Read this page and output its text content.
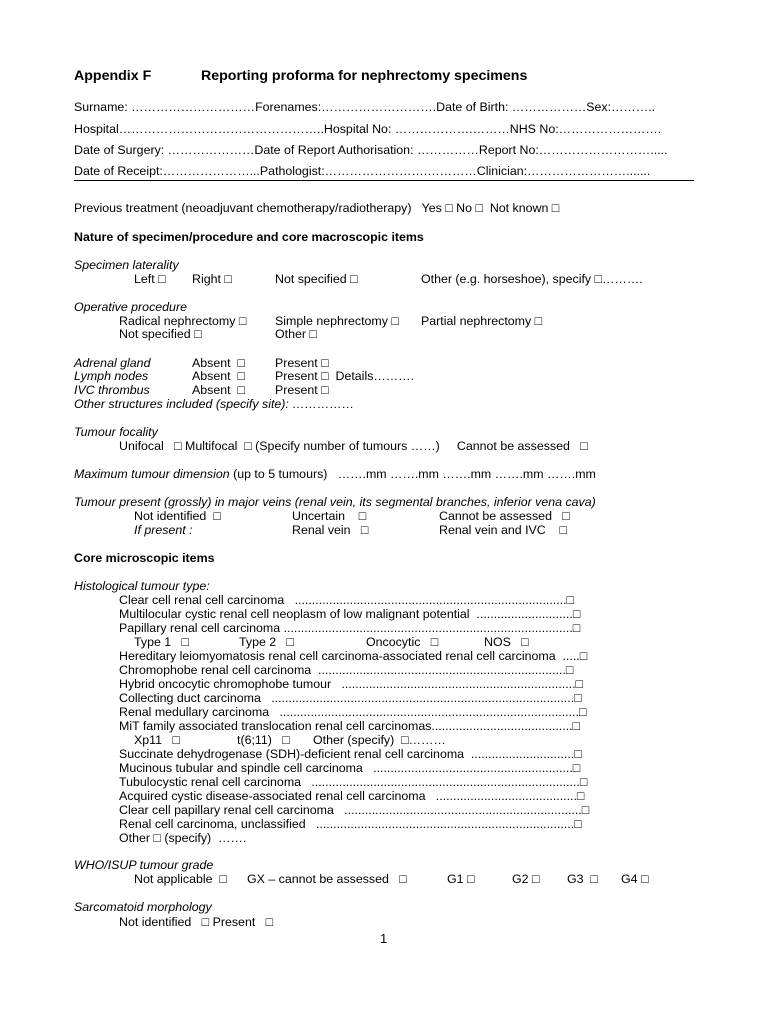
Appendix F	Reporting proforma for nephrectomy specimens
Surname: …………………………Forenames:……………………….Date of Birth: ………………Sex:………..
Hospital…………………………………………..Hospital No: ……………….………NHS No:…………………….
Date of Surgery: …………………Date of Report Authorisation: ……………Report No:……………………….....
Date of Receipt:…………………...Pathologist:…………………….…………Clinician:…………………….......
Previous treatment (neoadjuvant chemotherapy/radiotherapy)   Yes □ No □  Not known □
Nature of specimen/procedure and core macroscopic items
Specimen laterality
Left □ Right □	Not specified □	Other (e.g. horseshoe), specify □……….
Operative procedure
Radical nephrectomy □ Simple nephrectomy □ Partial nephrectomy □
Not specified □	Other □
Adrenal gland	Absent  □ Present □
Lymph nodes	Absent  □ Present □  Details……….
IVC thrombus	Absent  □ Present □
Other structures included (specify site): ……………
Tumour focality
Unifocal   □ Multifocal  □ (Specify number of tumours ……)     Cannot be assessed   □
Maximum tumour dimension (up to 5 tumours)   …….mm …….mm …….mm …….mm …….mm
Tumour present (grossly) in major veins (renal vein, its segmental branches, inferior vena cava)
Not identified  □	Uncertain    □	Cannot be assessed   □
If present :	Renal vein   □	Renal vein and IVC    □
Core microscopic items
Histological tumour type:
Clear cell renal cell carcinoma   ...............................................................................□
Multilocular cystic renal cell neoplasm of low malignant potential  ............................□
Papillary renal cell carcinoma ....................................................................................□
Type 1   □	Type 2   □	Oncocytic   □	NOS   □
Hereditary leiomyomatosis renal cell carcinoma-associated renal cell carcinoma  .....□
Chromophobe renal cell carcinoma  ........................................................................□
Hybrid oncocytic chromophobe tumour   ....................................................................□
Collecting duct carcinoma   ........................................................................................□
Renal medullary carcinoma   .......................................................................................□
MiT family associated translocation renal cell carcinomas.........................................□
Xp11   □	t(6;11)   □ Other (specify)  □………
Succinate dehydrogenase (SDH)-deficient renal cell carcinoma  ..............................□
Mucinous tubular and spindle cell carcinoma   ..........................................................□
Tubulocystic renal cell carcinoma   ..............................................................................□
Acquired cystic disease-associated renal cell carcinoma   .........................................□
Clear cell papillary renal cell carcinoma   .....................................................................□
Renal cell carcinoma, unclassified   ...........................................................................□
Other □ (specify)  …….
WHO/ISUP tumour grade
Not applicable  □ GX – cannot be assessed   □	G1 □	G2 □ G3  □ G4 □
Sarcomatoid morphology
Not identified   □ Present   □
1
